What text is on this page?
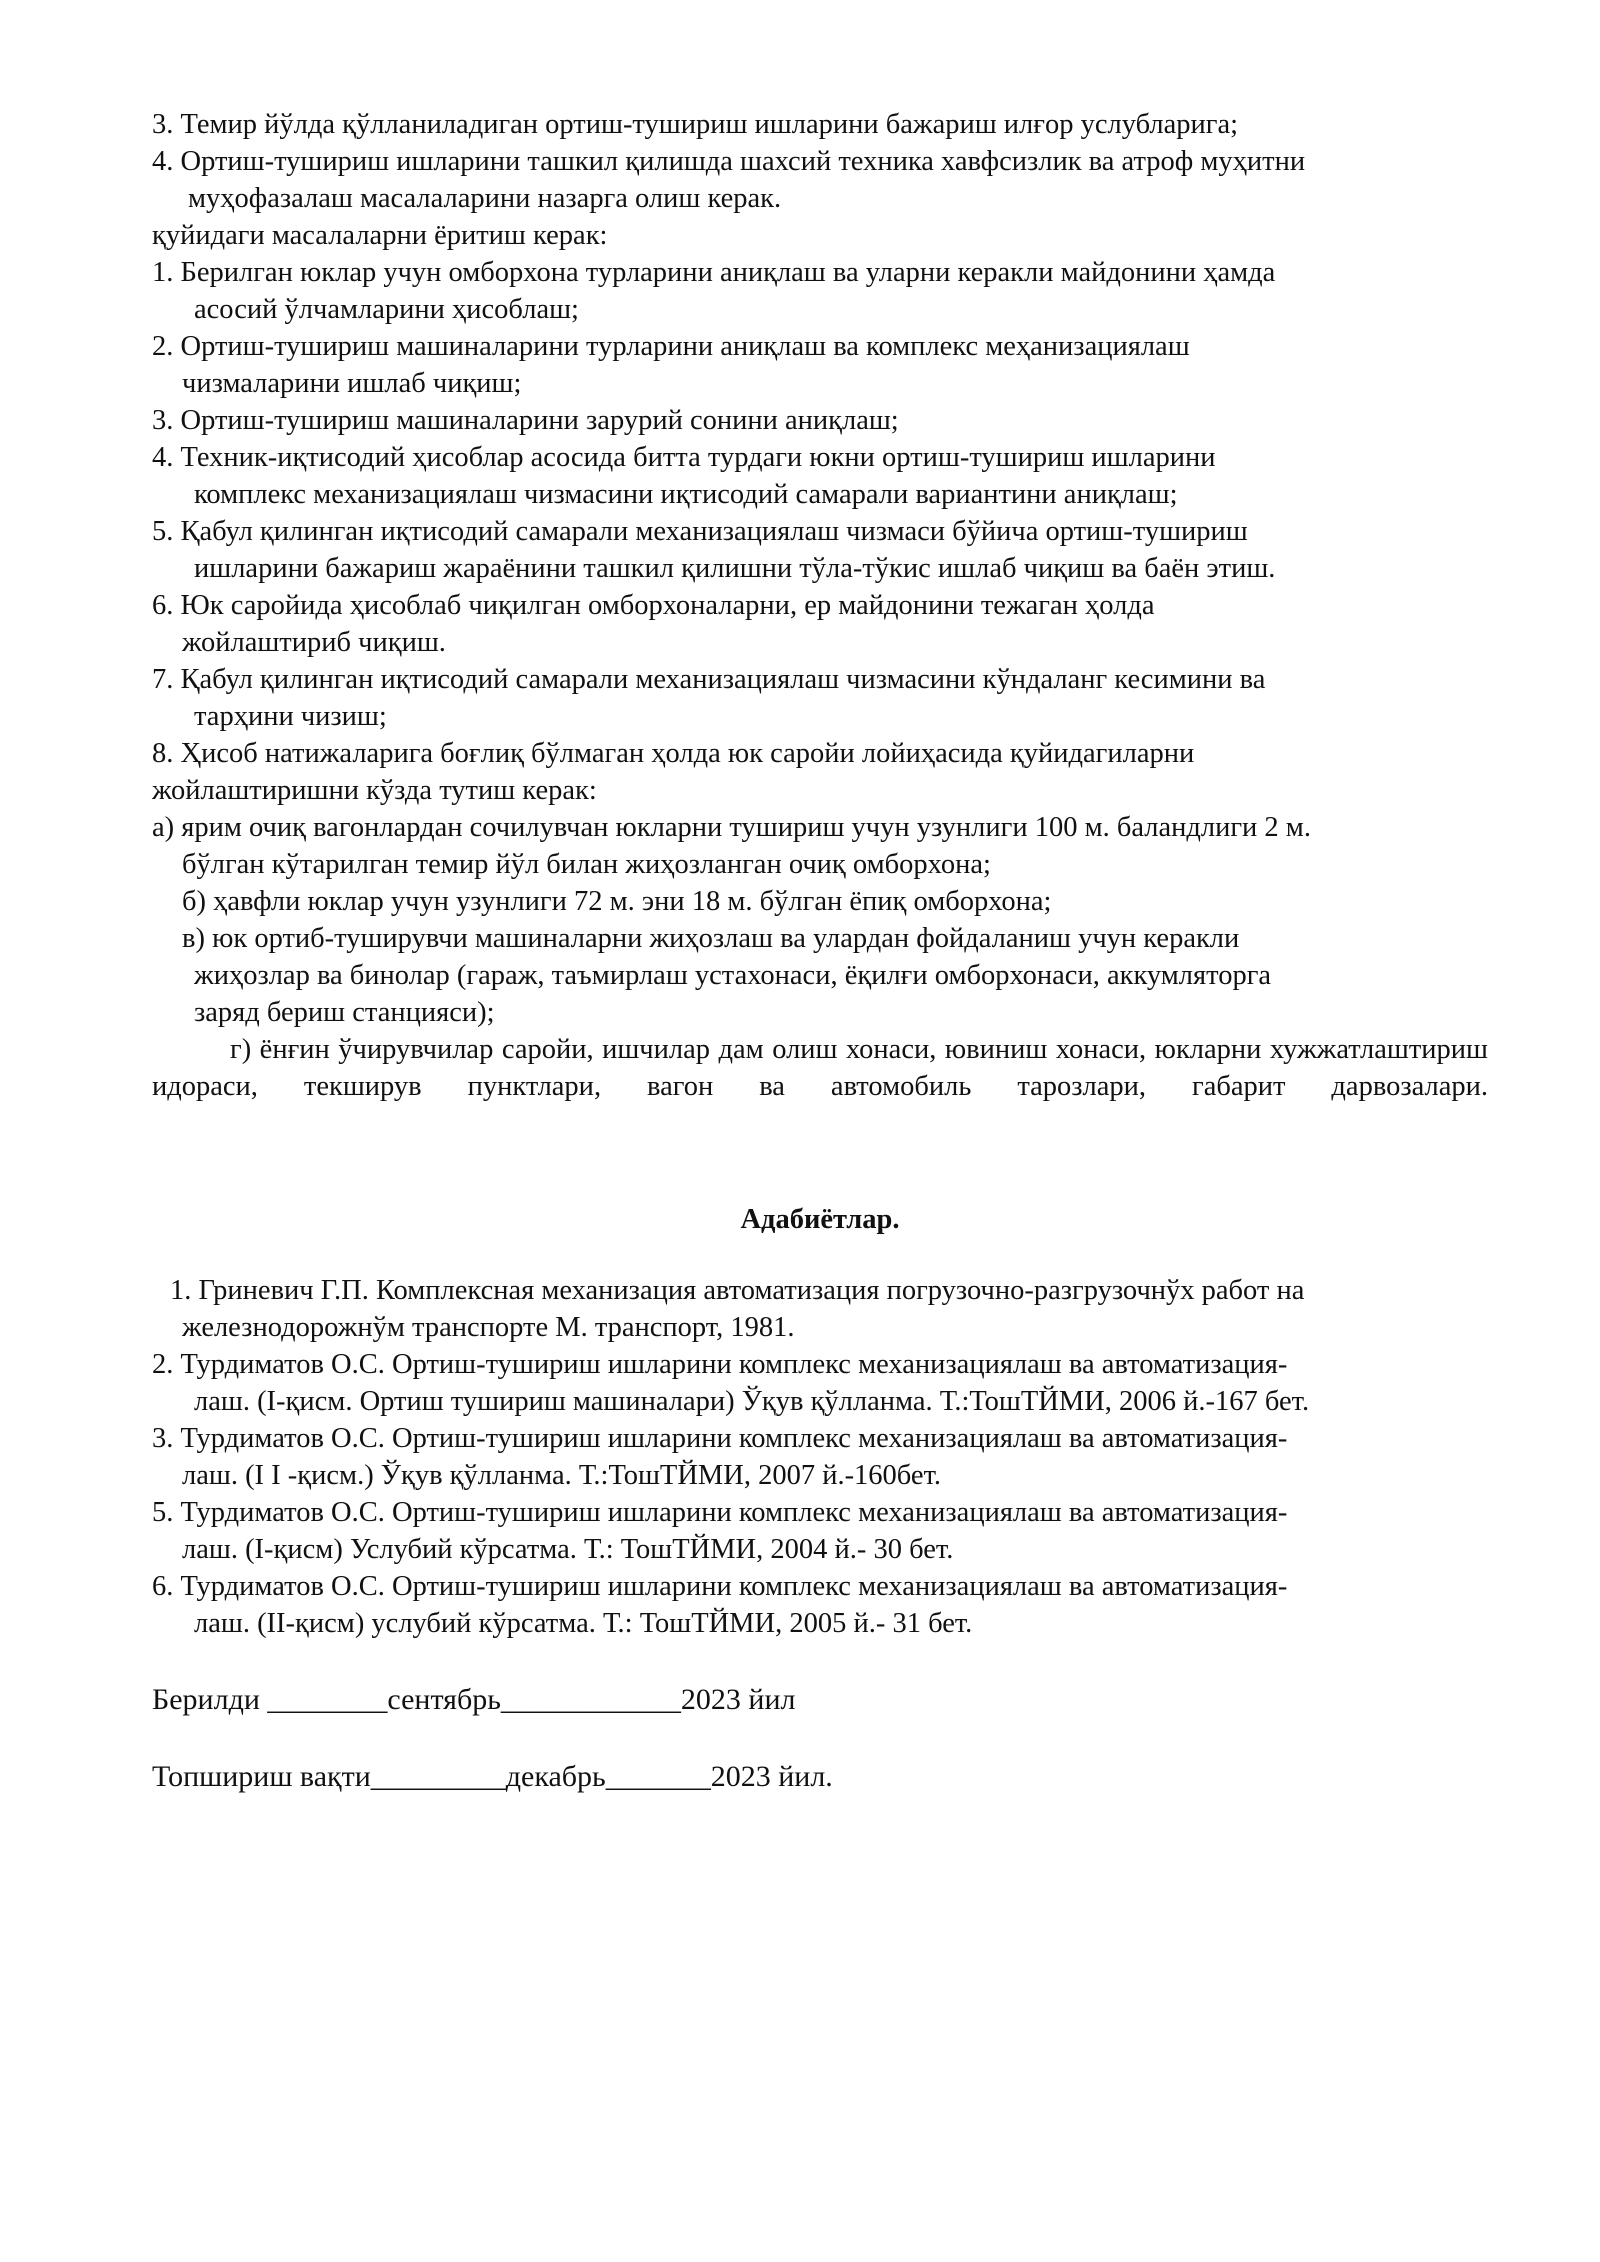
3. Темир йўлда қўлланиладиган ортиш-тушириш ишларини бажариш илғор услубларига;
4. Ортиш-тушириш ишларини ташкил қилишда шахсий техника хавфсизлик ва атроф муҳитни
муҳофазалаш масалаларини назарга олиш керак.
қуйидаги масалаларни ёритиш керак:
1. Берилган юклар учун омборхона турларини аниқлаш ва уларни керакли майдонини ҳамда
асосий ўлчамларини ҳисоблаш;
2. Ортиш-тушириш машиналарини турларини аниқлаш ва комплекс меҳанизациялаш
чизмаларини ишлаб чиқиш;
3. Ортиш-тушириш машиналарини зарурий сонини аниқлаш;
4. Техник-иқтисодий ҳисоблар асосида битта турдаги юкни ортиш-тушириш ишларини
комплекс механизациялаш чизмасини иқтисодий самарали вариантини аниқлаш;
5. Қабул қилинган иқтисодий самарали механизациялаш чизмаси бўйича ортиш-тушириш
ишларини бажариш жараёнини ташкил қилишни тўла-тўкис ишлаб чиқиш ва баён этиш.
6. Юк саройида ҳисоблаб чиқилган омборхоналарни, ер майдонини тежаган ҳолда
жойлаштириб чиқиш.
7. Қабул қилинган иқтисодий самарали механизациялаш чизмасини кўндаланг кесимини ва
тарҳини чизиш;
8. Ҳисоб натижаларига боғлиқ бўлмаган ҳолда юк саройи лойиҳасида қуйидагиларни
жойлаштиришни кўзда тутиш керак:
а) ярим очиқ вагонлардан сочилувчан юкларни тушириш учун узунлиги 100 м. баландлиги 2 м.
бўлган кўтарилган темир йўл билан жиҳозланган очиқ омборхона;
б) ҳавфли юклар учун узунлиги 72 м. эни 18 м. бўлган ёпиқ омборхона;
в) юк ортиб-туширувчи машиналарни жиҳозлаш ва улардан фойдаланиш учун керакли
жиҳозлар ва бинолар (гараж, таъмирлаш устахонаси, ёқилғи омборхонаси, аккумляторга
заряд бериш станцияси);
г) ёнғин ўчирувчилар саройи, ишчилар дам олиш хонаси, ювиниш хонаси, юкларни хужжатлаштириш идораси, текширув пунктлари, вагон ва автомобиль тарозлари, габарит дарвозалари.
Адабиётлар.
1. Гриневич Г.П. Комплексная механизация автоматизация погрузочно-разгрузочнўх работ на
железнодорожнўм транспорте М. транспорт, 1981.
2. Турдиматов О.С. Ортиш-тушириш ишларини комплекс механизациялаш ва автоматизация-
лаш. (I-қисм. Ортиш тушириш машиналари) Ўқув қўлланма. Т.:ТошТЙМИ, 2006 й.-167 бет.
3. Турдиматов О.С. Ортиш-тушириш ишларини комплекс механизациялаш ва автоматизация-
лаш. (I I -қисм.) Ўқув қўлланма. Т.:ТошТЙМИ, 2007 й.-160бет.
5. Турдиматов О.С. Ортиш-тушириш ишларини комплекс механизациялаш ва автоматизация-
лаш. (I-қисм) Услубий кўрсатма. Т.: ТошТЙМИ, 2004 й.- 30 бет.
6. Турдиматов О.С. Ортиш-тушириш ишларини комплекс механизациялаш ва автоматизация-
лаш. (II-қисм) услубий кўрсатма. Т.: ТошТЙМИ, 2005 й.- 31 бет.
Берилди ________сентябрь____________2023 йил
Топшириш вақти_________декабрь_______2023 йил.
